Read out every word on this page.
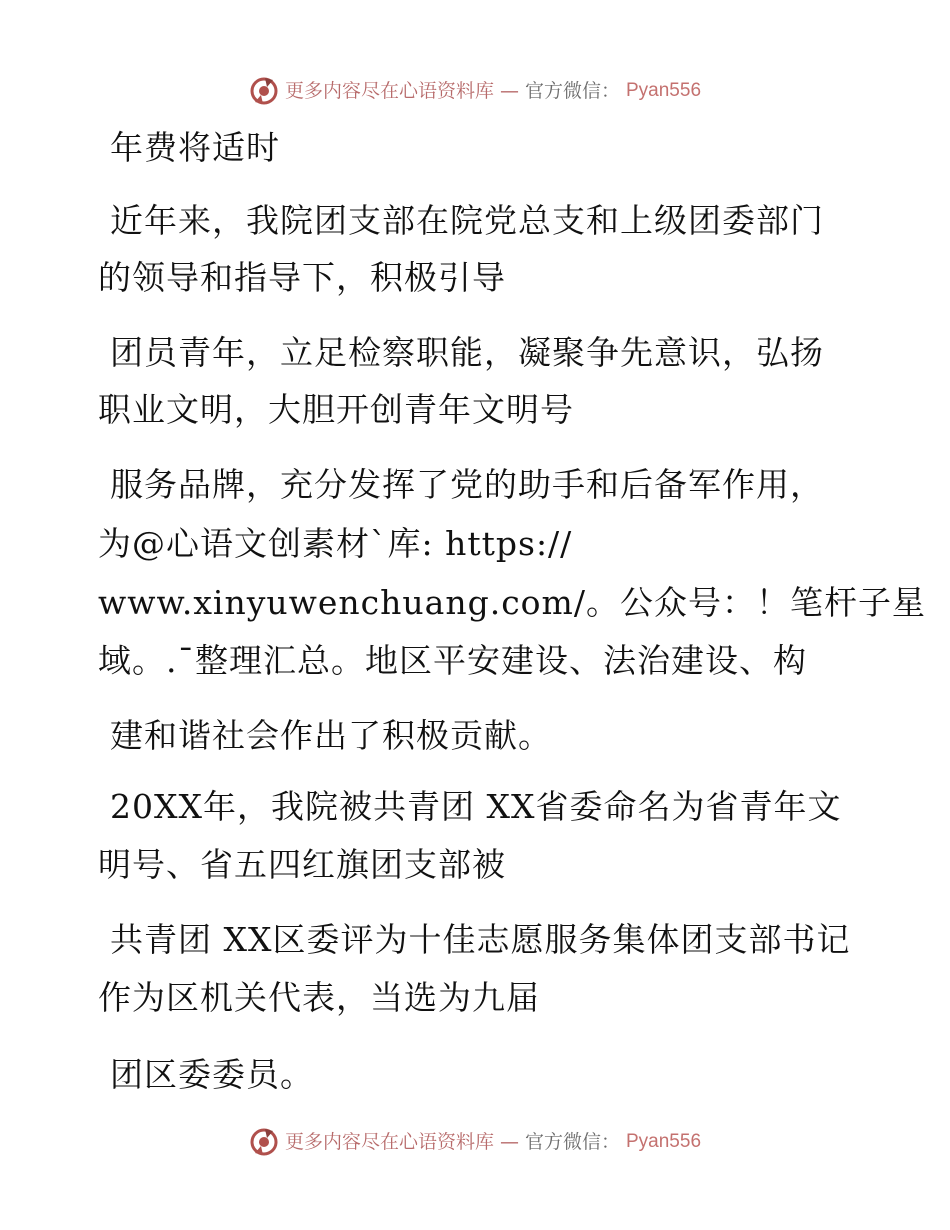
更多内容尽在心语资料库 — 官方微信： Pyan556
年费将适时
近年来，我院团支部在院党总支和上级团委部门
的领导和指导下，积极引导
团员青年，立足检察职能，凝聚争先意识，弘扬
职业文明，大胆开创青年文明号
服务品牌，充分发挥了党的助手和后备军作用，
为@心语文创素材`库: https://
www.xinyuwenchuang.com/。公众号：！笔杆子星
域。.¯整理汇总。地区平安建设、法治建设、构
建和谐社会作出了积极贡献。
20XX年，我院被共青团 XX省委命名为省青年文
明号、省五四红旗团支部被
共青团 XX区委评为十佳志愿服务集体团支部书记
作为区机关代表，当选为九届
团区委委员。
更多内容尽在心语资料库 — 官方微信： Pyan556
